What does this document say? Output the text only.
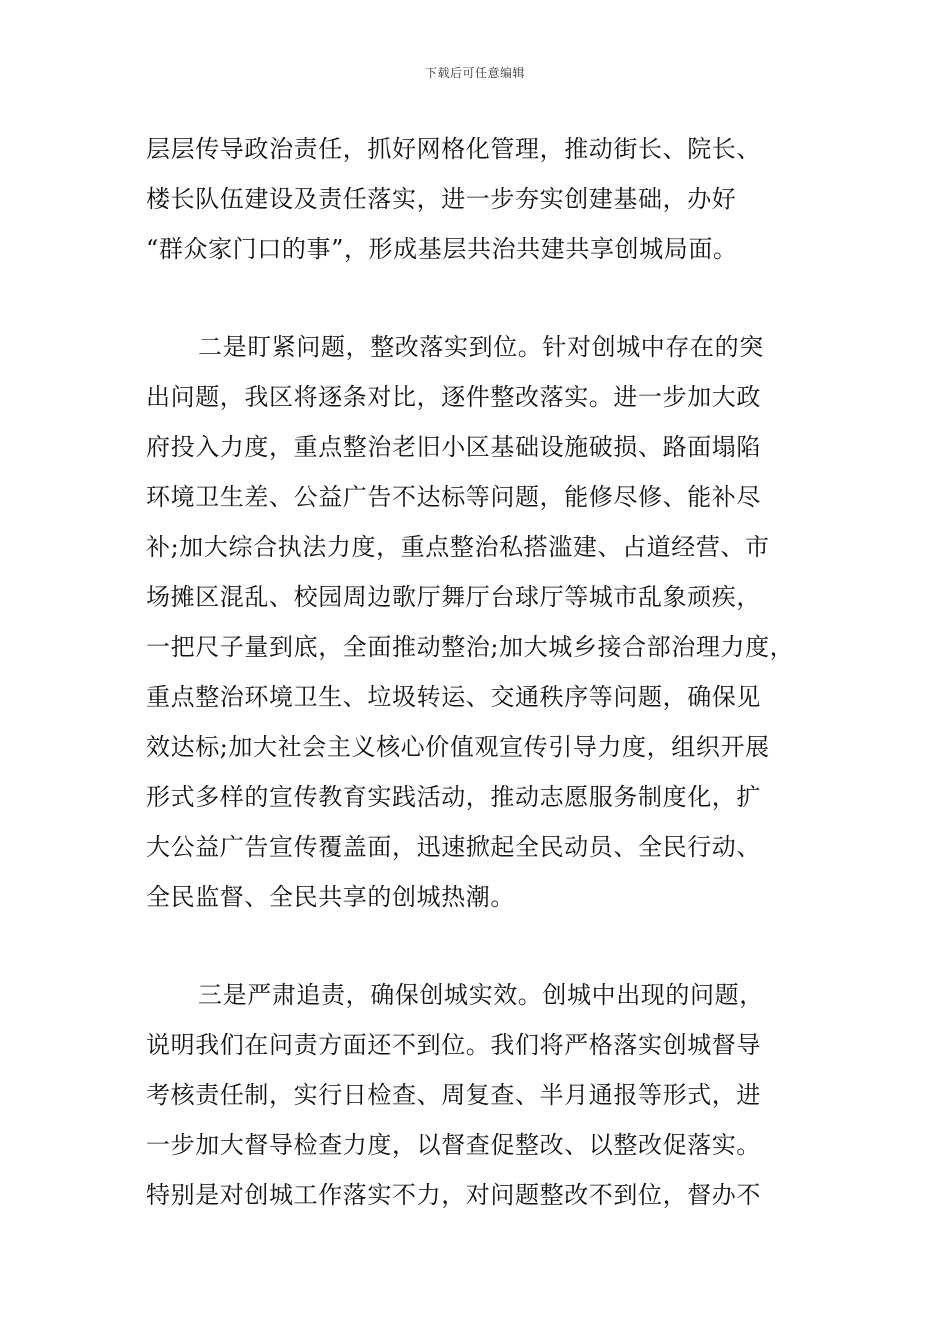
下载后可任意编辑

层层传导政治责任，抓好网格化管理，推动街长、院长、
楼长队伍建设及责任落实，进一步夯实创建基础，办好
“群众家门口的事”，形成基层共治共建共享创城局面。

二是盯紧问题，整改落实到位。针对创城中存在的突
出问题，我区将逐条对比，逐件整改落实。进一步加大政
府投入力度，重点整治老旧小区基础设施破损、路面塌陷
环境卫生差、公益广告不达标等问题，能修尽修、能补尽
补;加大综合执法力度，重点整治私搭滥建、占道经营、市
场摊区混乱、校园周边歌厅舞厅台球厅等城市乱象顽疾，
一把尺子量到底，全面推动整治;加大城乡接合部治理力度，
重点整治环境卫生、垃圾转运、交通秩序等问题，确保见
效达标;加大社会主义核心价值观宣传引导力度，组织开展
形式多样的宣传教育实践活动，推动志愿服务制度化，扩
大公益广告宣传覆盖面，迅速掀起全民动员、全民行动、
全民监督、全民共享的创城热潮。

三是严肃追责，确保创城实效。创城中出现的问题，
说明我们在问责方面还不到位。我们将严格落实创城督导
考核责任制，实行日检查、周复查、半月通报等形式，进
一步加大督导检查力度，以督查促整改、以整改促落实。
特别是对创城工作落实不力，对问题整改不到位，督办不
